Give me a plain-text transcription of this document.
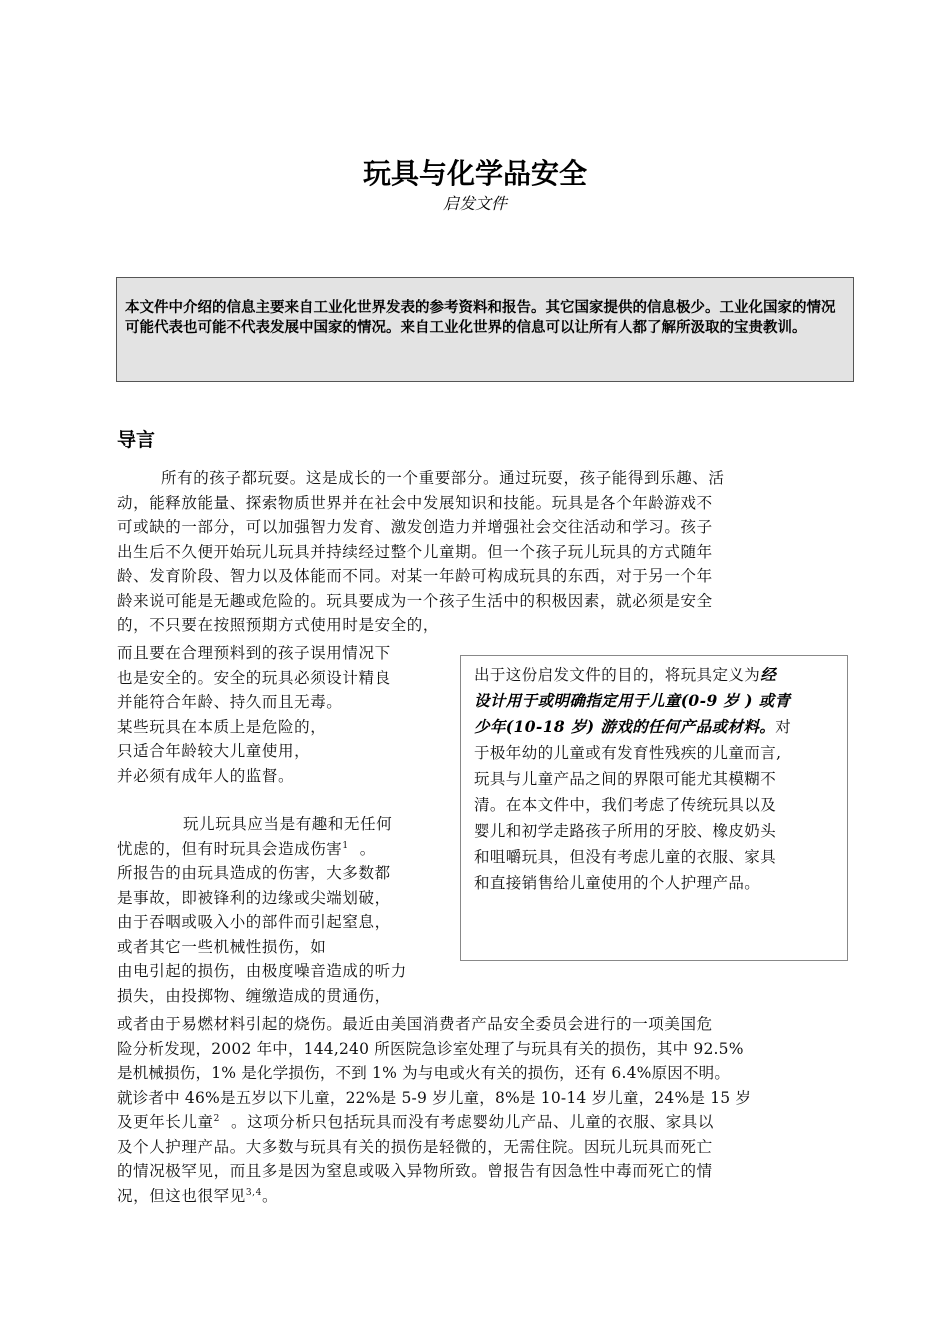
玩具与化学品安全
启发文件
本文件中介绍的信息主要来自工业化世界发表的参考资料和报告。其它国家提供的信息极少。工业化国家的情况可能代表也可能不代表发展中国家的情况。来自工业化世界的信息可以让所有人都了解所汲取的宝贵教训。
导言
所有的孩子都玩耍。这是成长的一个重要部分。通过玩耍，孩子能得到乐趣、活
动，能释放能量、探索物质世界并在社会中发展知识和技能。玩具是各个年龄游戏不
可或缺的一部分，可以加强智力发育、激发创造力并增强社会交往活动和学习。孩子
出生后不久便开始玩儿玩具并持续经过整个儿童期。但一个孩子玩儿玩具的方式随年
龄、发育阶段、智力以及体能而不同。对某一年龄可构成玩具的东西，对于另一个年
龄来说可能是无趣或危险的。玩具要成为一个孩子生活中的积极因素，就必须是安全
的，不只要在按照预期方式使用时是安全的，
而且要在合理预料到的孩子误用情况下
也是安全的。安全的玩具必须设计精良
并能符合年龄、持久而且无毒。
某些玩具在本质上是危险的，
只适合年龄较大儿童使用，
并必须有成年人的监督。
玩儿玩具应当是有趣和无任何
忧虑的，但有时玩具会造成伤害$^1$ 。
所报告的由玩具造成的伤害，大多数都
是事故，即被锋利的边缘或尖端划破，
由于吞咽或吸入小的部件而引起窒息，
或者其它一些机械性损伤，如
由电引起的损伤，由极度噪音造成的听力
损失，由投掷物、缠缴造成的贯通伤，
出于这份启发文件的目的，将玩具定义为经
设计用于或明确指定用于儿童(0-9 岁 ) 或青
少年(10-18 岁) 游戏的任何产品或材料。对
于极年幼的儿童或有发育性残疾的儿童而言,
玩具与儿童产品之间的界限可能尤其模糊不
清。在本文件中，我们考虑了传统玩具以及
婴儿和初学走路孩子所用的牙胶、橡皮奶头
和咀嚼玩具，但没有考虑儿童的衣服、家具
和直接销售给儿童使用的个人护理产品。
或者由于易燃材料引起的烧伤。最近由美国消费者产品安全委员会进行的一项美国危
险分析发现，2002 年中，144,240 所医院急诊室处理了与玩具有关的损伤，其中 92.5%
是机械损伤，1% 是化学损伤，不到 1% 为与电或火有关的损伤，还有 6.4%原因不明。
就诊者中 46%是五岁以下儿童，22%是 5-9 岁儿童，8%是 10-14 岁儿童，24%是 15 岁
及更年长儿童$^2$ 。这项分析只包括玩具而没有考虑婴幼儿产品、儿童的衣服、家具以
及个人护理产品。大多数与玩具有关的损伤是轻微的，无需住院。因玩儿玩具而死亡
的情况极罕见，而且多是因为窒息或吸入异物所致。曾报告有因急性中毒而死亡的情
况，但这也很罕见$^{3,4}$。
